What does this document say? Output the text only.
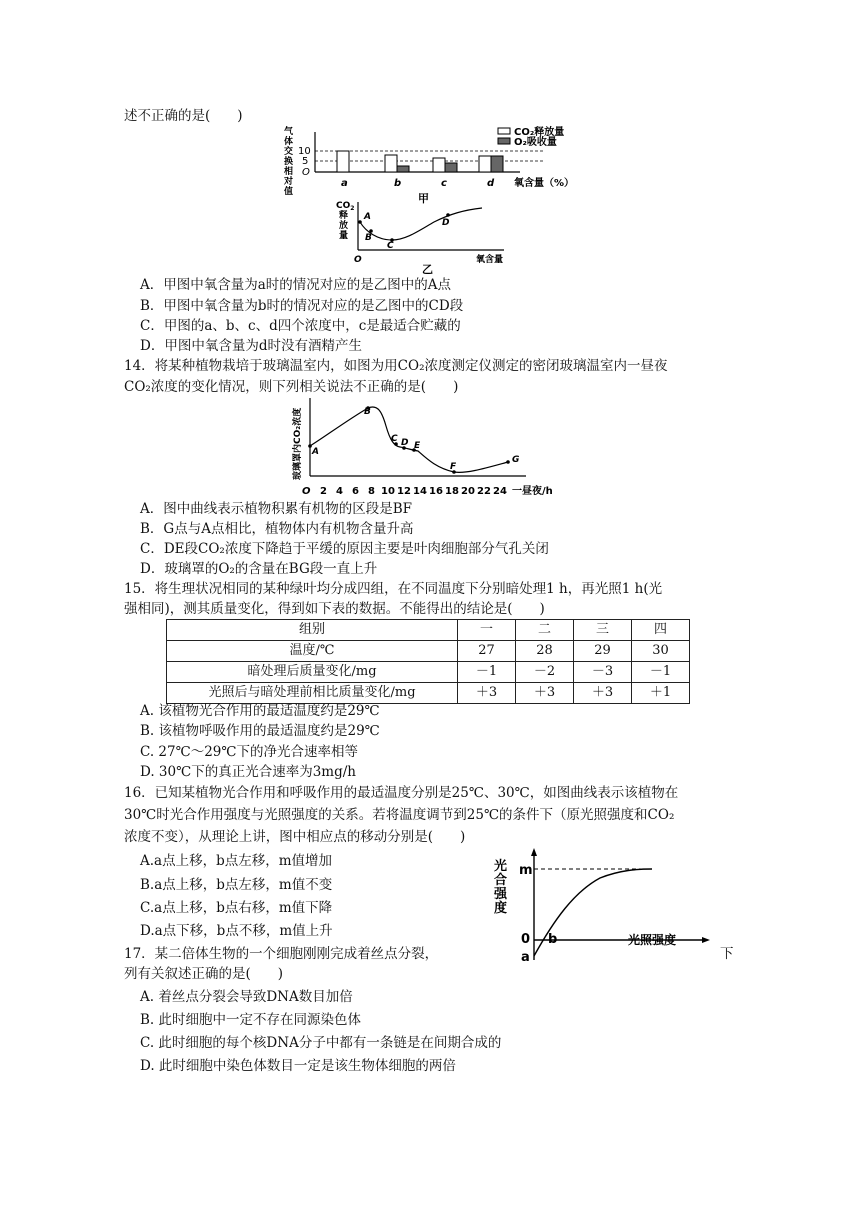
述不正确的是(　　)
气体交换相对值
10
5
O
a	b	c	d 氧含量（%）
CO₂释放量
O₂吸收量
甲
$CO_2$
释
放
量
A
B
C
D
O	氧含量
乙
A．甲图中氧含量为a时的情况对应的是乙图中的A点
B．甲图中氧含量为b时的情况对应的是乙图中的CD段
C．甲图的a、b、c、d四个浓度中，c是最适合贮藏的
D．甲图中氧含量为d时没有酒精产生
14．将某种植物栽培于玻璃温室内，如图为用CO₂浓度测定仪测定的密闭玻璃温室内一昼夜
CO₂浓度的变化情况，则下列相关说法不正确的是(　　)
玻璃罩内CO₂浓度 A
B
C D E
F
G
O 2 4 6 8 10 12 14 16 18 20 22 24 一昼夜/h
A．图中曲线表示植物积累有机物的区段是BF
B．G点与A点相比，植物体内有机物含量升高
C．DE段CO₂浓度下降趋于平缓的原因主要是叶肉细胞部分气孔关闭
D．玻璃罩的O₂的含量在BG段一直上升
15．将生理状况相同的某种绿叶均分成四组，在不同温度下分别暗处理1 h，再光照1 h(光
强相同)，测其质量变化，得到如下表的数据。不能得出的结论是(　　)
组别	一	二	三	四
温度/℃	27	28	29	30
暗处理后质量变化/mg	－1	－2	－3	－1
光照后与暗处理前相比质量变化/mg	＋3	＋3	＋3	＋1
A. 该植物光合作用的最适温度约是29℃
B. 该植物呼吸作用的最适温度约是29℃
C. 27℃～29℃下的净光合速率相等
D. 30℃下的真正光合速率为3mg/h
16．已知某植物光合作用和呼吸作用的最适温度分别是25℃、30℃，如图曲线表示该植物在
30℃时光合作用强度与光照强度的关系。若将温度调节到25℃的条件下（原光照强度和CO₂
浓度不变），从理论上讲，图中相应点的移动分别是(　　)
A.a点上移，b点左移，m值增加
B.a点上移，b点左移，m值不变
C.a点上移，b点右移，m值下降
D.a点下移，b点不移，m值上升
光
合
强
度
m
0
a
b	光照强度
17．某二倍体生物的一个细胞刚刚完成着丝点分裂，	下
列有关叙述正确的是(　　)
A. 着丝点分裂会导致DNA数目加倍
B. 此时细胞中一定不存在同源染色体
C. 此时细胞的每个核DNA分子中都有一条链是在间期合成的
D. 此时细胞中染色体数目一定是该生物体细胞的两倍
